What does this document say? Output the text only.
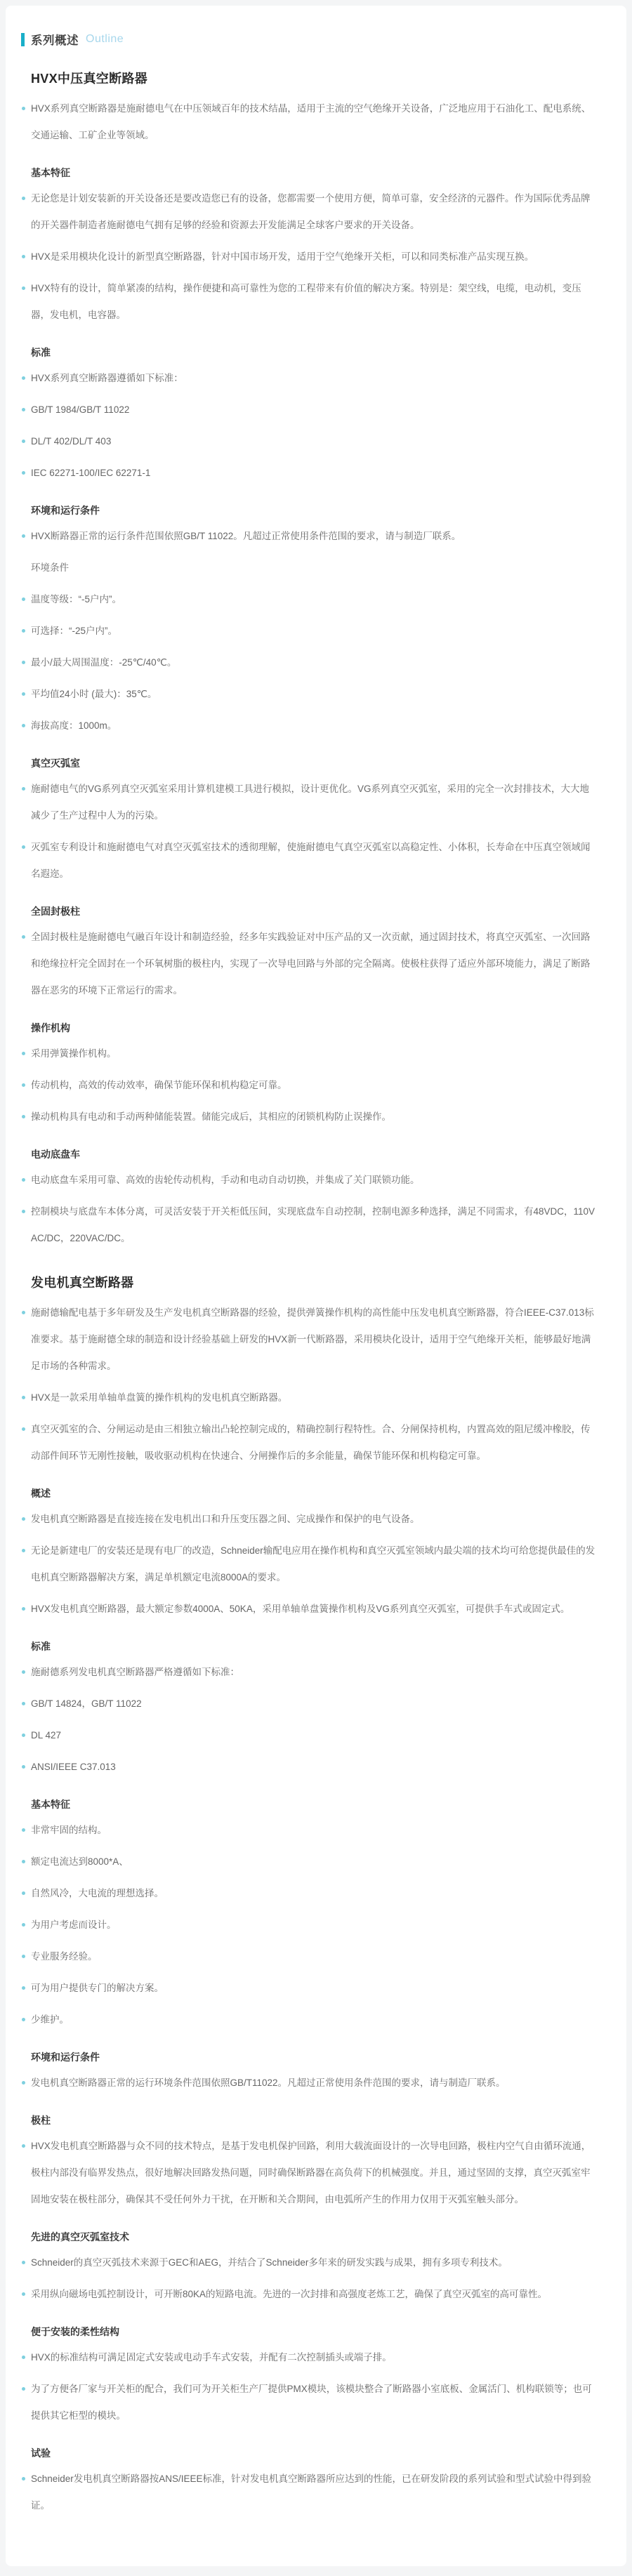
系列概述 Outline
HVX中压真空断路器
HVX系列真空断路器是施耐德电气在中压领域百年的技术结晶，适用于主流的空气绝缘开关设备，广泛地应用于石油化工、配电系统、交通运输、工矿企业等领域。
基本特征
无论您是计划安装新的开关设备还是要改造您已有的设备，您都需要一个使用方便，简单可靠，安全经济的元器件。作为国际优秀品牌的开关器件制造者施耐德电气拥有足够的经验和资源去开发能满足全球客户要求的开关设备。
HVX是采用模块化设计的新型真空断路器，针对中国市场开发，适用于空气绝缘开关柜，可以和同类标准产品实现互换。
HVX特有的设计，简单紧凑的结构，操作便捷和高可靠性为您的工程带来有价值的解决方案。特别是：架空线，电缆，电动机，变压器，发电机，电容器。
标准
HVX系列真空断路器遵循如下标准：
GB/T 1984/GB/T 11022
DL/T 402/DL/T 403
IEC 62271-100/IEC 62271-1
环境和运行条件
HVX断路器正常的运行条件范围依照GB/T 11022。凡超过正常使用条件范围的要求，请与制造厂联系。
环境条件
温度等级：“-5户内”。
可选择：“-25户内”。
最小/最大周围温度：-25℃/40℃。
平均值24小时 (最大)：35℃。
海拔高度：1000m。
真空灭弧室
施耐德电气的VG系列真空灭弧室采用计算机建模工具进行模拟，设计更优化。VG系列真空灭弧室，采用的完全一次封排技术，大大地减少了生产过程中人为的污染。
灭弧室专利设计和施耐德电气对真空灭弧室技术的透彻理解，使施耐德电气真空灭弧室以高稳定性、小体积，长寿命在中压真空领域闻名遐迩。
全固封极柱
全固封极柱是施耐德电气融百年设计和制造经验，经多年实践验证对中压产品的又一次贡献，通过固封技术，将真空灭弧室、一次回路和绝缘拉杆完全固封在一个环氧树脂的极柱内，实现了一次导电回路与外部的完全隔离。使极柱获得了适应外部环境能力，满足了断路器在恶劣的环境下正常运行的需求。
操作机构
采用弹簧操作机构。
传动机构，高效的传动效率，确保节能环保和机构稳定可靠。
操动机构具有电动和手动两种储能装置。储能完成后，其相应的闭锁机构防止误操作。
电动底盘车
电动底盘车采用可靠、高效的齿轮传动机构，手动和电动自动切换，并集成了关门联锁功能。
控制模块与底盘车本体分离，可灵活安装于开关柜低压间，实现底盘车自动控制，控制电源多种选择，满足不同需求，有48VDC，110V AC/DC，220VAC/DC。
发电机真空断路器
施耐德输配电基于多年研发及生产发电机真空断路器的经验，提供弹簧操作机构的高性能中压发电机真空断路器，符合IEEE-C37.013标准要求。基于施耐德全球的制造和设计经验基础上研发的HVX新一代断路器，采用模块化设计，适用于空气绝缘开关柜，能够最好地满足市场的各种需求。
HVX是一款采用单轴单盘簧的操作机构的发电机真空断路器。
真空灭弧室的合、分闸运动是由三相独立输出凸轮控制完成的，精确控制行程特性。合、分闸保持机构，内置高效的阻尼缓冲橡胶，传动部件间环节无刚性接触，吸收驱动机构在快速合、分闸操作后的多余能量，确保节能环保和机构稳定可靠。
概述
发电机真空断路器是直接连接在发电机出口和升压变压器之间、完成操作和保护的电气设备。
无论是新建电厂的安装还是现有电厂的改造，Schneider输配电应用在操作机构和真空灭弧室领域内最尖端的技术均可给您提供最佳的发电机真空断路器解决方案，满足单机额定电流8000A的要求。
HVX发电机真空断路器，最大额定参数4000A、50KA，采用单轴单盘簧操作机构及VG系列真空灭弧室，可提供手车式或固定式。
标准
施耐德系列发电机真空断路器严格遵循如下标准：
GB/T 14824，GB/T 11022
DL 427
ANSI/IEEE C37.013
基本特征
非常牢固的结构。
额定电流达到8000*A、
自然风冷，大电流的理想选择。
为用户考虑而设计。
专业服务经验。
可为用户提供专门的解决方案。
少维护。
环境和运行条件
发电机真空断路器正常的运行环境条件范围依照GB/T11022。凡超过正常使用条件范围的要求，请与制造厂联系。
极柱
HVX发电机真空断路器与众不同的技术特点，是基于发电机保护回路，利用大载流面设计的一次导电回路，极柱内空气自由循环流通，极柱内部没有临界发热点，很好地解决回路发热问题，同时确保断路器在高负荷下的机械强度。并且，通过坚固的支撑，真空灭弧室牢固地安装在极柱部分，确保其不受任何外力干扰，在开断和关合期间，由电弧所产生的作用力仅用于灭弧室触头部分。
先进的真空灭弧室技术
Schneider的真空灭弧技术来源于GEC和AEG，并结合了Schneider多年来的研发实践与成果，拥有多项专利技术。
采用纵向磁场电弧控制设计，可开断80KA的短路电流。先进的一次封排和高强度老炼工艺，确保了真空灭弧室的高可靠性。
便于安装的柔性结构
HVX的标准结构可满足固定式安装或电动手车式安装，并配有二次控制插头或端子排。
为了方便各厂家与开关柜的配合，我们可为开关柜生产厂提供PMX模块，该模块整合了断路器小室底板、金属活门、机构联锁等；也可提供其它柜型的模块。
试验
Schneider发电机真空断路器按ANS/IEEE标准，针对发电机真空断路器所应达到的性能，已在研发阶段的系列试验和型式试验中得到验证。
